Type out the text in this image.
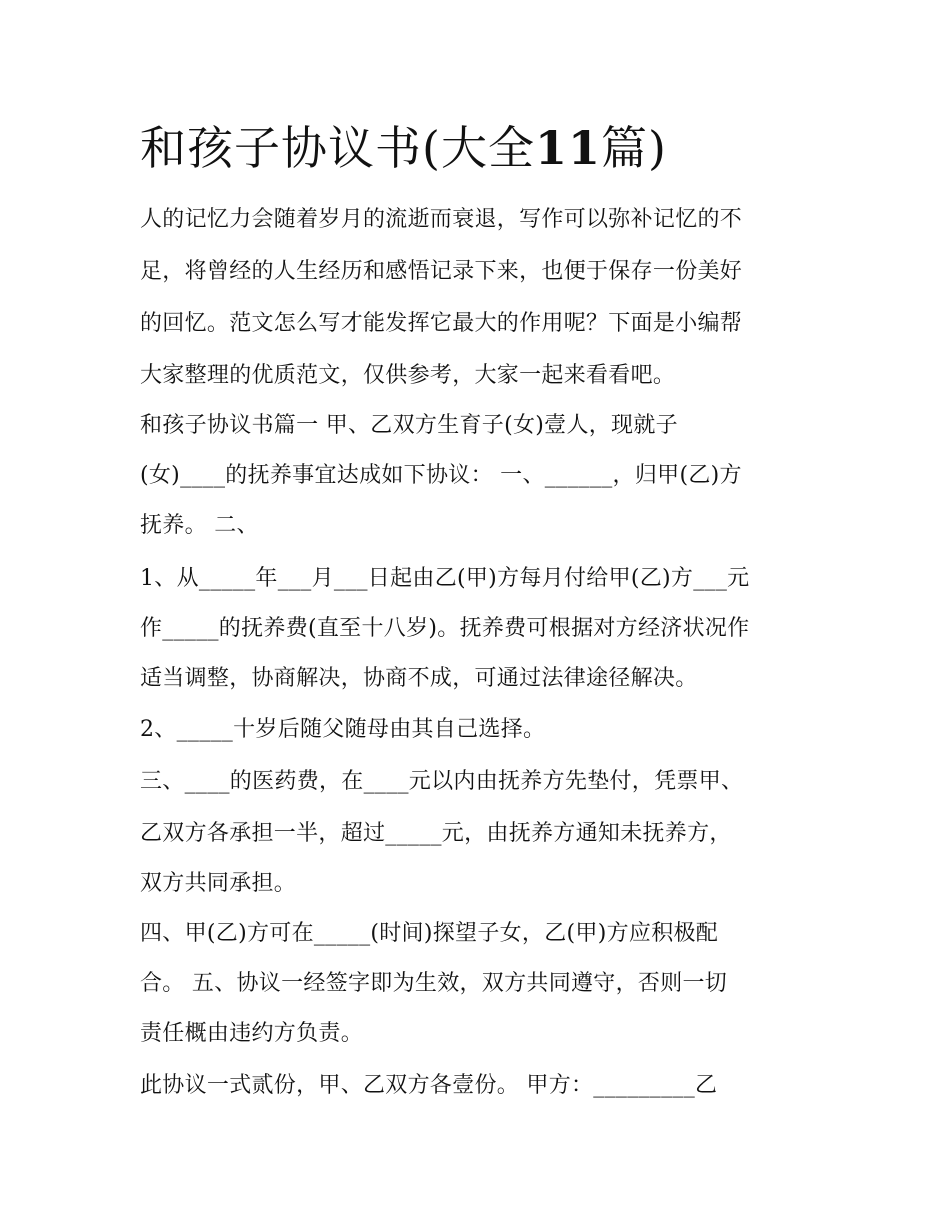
和孩子协议书(大全11篇)
人的记忆力会随着岁月的流逝而衰退，写作可以弥补记忆的不
足，将曾经的人生经历和感悟记录下来，也便于保存一份美好
的回忆。范文怎么写才能发挥它最大的作用呢？下面是小编帮
大家整理的优质范文，仅供参考，大家一起来看看吧。
和孩子协议书篇一 甲、乙双方生育子(女)壹人，现就子
(女)____的抚养事宜达成如下协议： 一、______，归甲(乙)方
抚养。 二、
1、从_____年___月___日起由乙(甲)方每月付给甲(乙)方___元
作_____的抚养费(直至十八岁)。抚养费可根据对方经济状况作
适当调整，协商解决，协商不成，可通过法律途径解决。
2、_____十岁后随父随母由其自己选择。
三、____的医药费，在____元以内由抚养方先垫付，凭票甲、
乙双方各承担一半，超过_____元，由抚养方通知未抚养方，
双方共同承担。
四、甲(乙)方可在_____(时间)探望子女，乙(甲)方应积极配
合。 五、协议一经签字即为生效，双方共同遵守，否则一切
责任概由违约方负责。
此协议一式贰份，甲、乙双方各壹份。 甲方：_________乙
